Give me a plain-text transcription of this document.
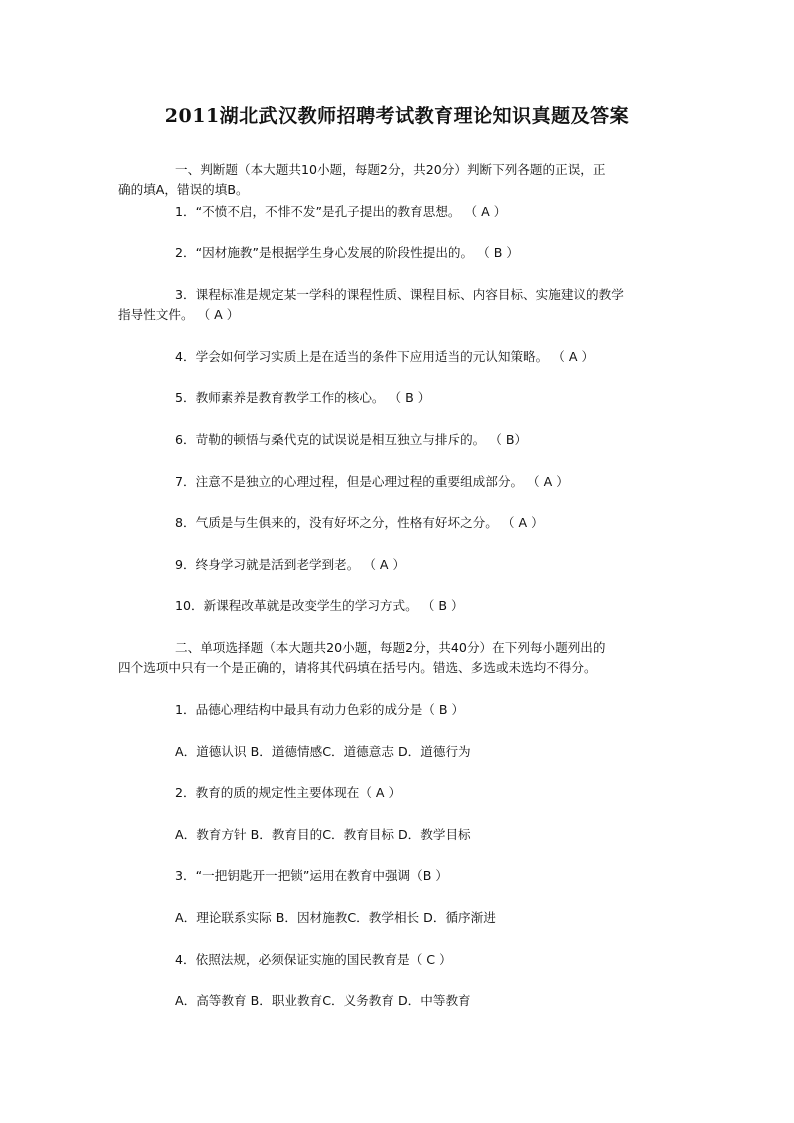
2011湖北武汉教师招聘考试教育理论知识真题及答案

一、判断题（本大题共10小题，每题2分，共20分）判断下列各题的正误，正

确的填A，错误的填B。

1．“不愤不启，不悱不发”是孔子提出的教育思想。 （ A ）

2．“因材施教”是根据学生身心发展的阶段性提出的。 （ B ）

3．课程标准是规定某一学科的课程性质、课程目标、内容目标、实施建议的教学

指导性文件。 （ A ）

4．学会如何学习实质上是在适当的条件下应用适当的元认知策略。 （ A ）

5．教师素养是教育教学工作的核心。 （ B ）

6．苛勒的顿悟与桑代克的试误说是相互独立与排斥的。 （ B）

7．注意不是独立的心理过程，但是心理过程的重要组成部分。 （ A ）

8．气质是与生俱来的，没有好坏之分，性格有好坏之分。 （ A ）

9．终身学习就是活到老学到老。 （ A ）

10．新课程改革就是改变学生的学习方式。 （ B ）

二、单项选择题（本大题共20小题，每题2分，共40分）在下列每小题列出的

四个选项中只有一个是正确的，请将其代码填在括号内。错选、多选或未选均不得分。

1．品德心理结构中最具有动力色彩的成分是（ B ）

A．道德认识 B．道德情感C．道德意志 D．道德行为

2．教育的质的规定性主要体现在（ A ）

A．教育方针 B．教育目的C．教育目标 D．教学目标

3．“一把钥匙开一把锁”运用在教育中强调（B ）

A．理论联系实际 B．因材施教C．教学相长 D．循序渐进

4．依照法规，必须保证实施的国民教育是（ C ）

A．高等教育 B．职业教育C．义务教育 D．中等教育
